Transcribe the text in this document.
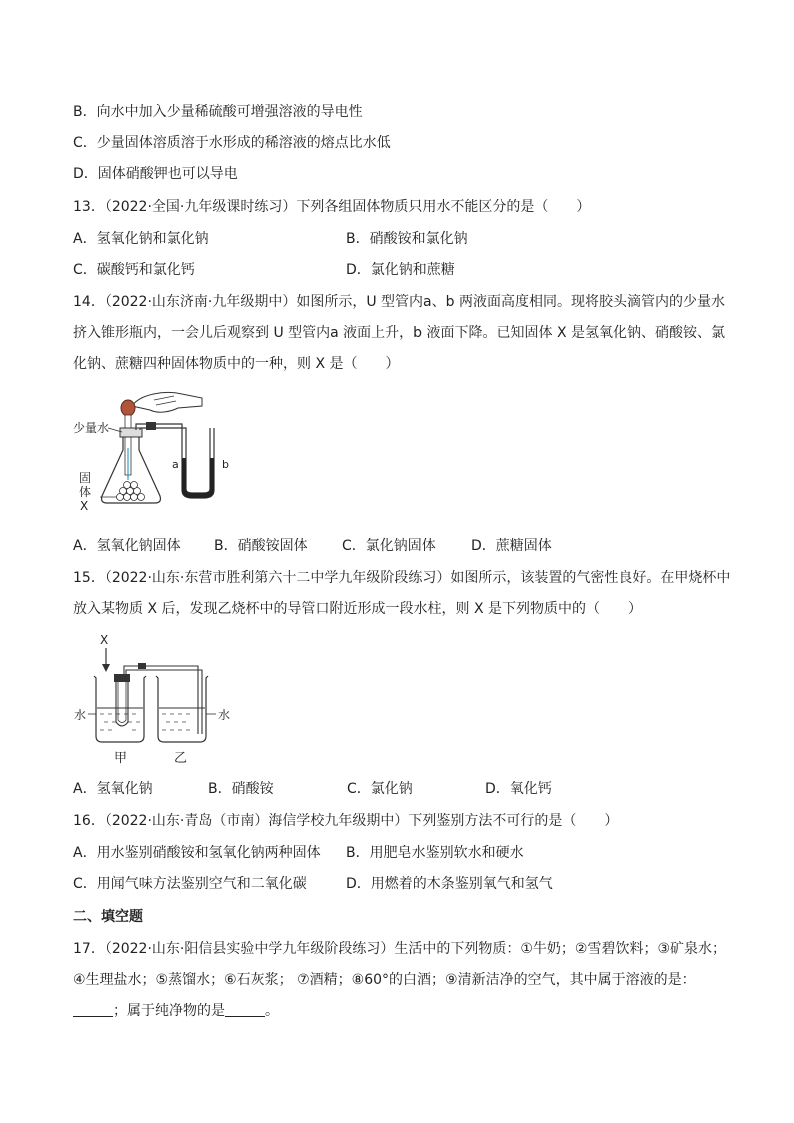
B．向水中加入少量稀硫酸可增强溶液的导电性
C．少量固体溶质溶于水形成的稀溶液的熔点比水低
D．固体硝酸钾也可以导电
13．（2022·全国·九年级课时练习）下列各组固体物质只用水不能区分的是（　　）
A．氢氧化钠和氯化钠	B．硝酸铵和氯化钠
C．碳酸钙和氯化钙	D．氯化钠和蔗糖
14．（2022·山东济南·九年级期中）如图所示，U 型管内a、b 两液面高度相同。现将胶头滴管内的少量水
挤入锥形瓶内，一会儿后观察到 U 型管内a 液面上升，b 液面下降。已知固体 X 是氢氧化钠、硝酸铵、氯
化钠、蔗糖四种固体物质中的一种，则 X 是（　　）
少量水
固
体
X
a	b
A．氢氧化钠固体 B．硝酸铵固体 C．氯化钠固体	D．蔗糖固体
15．（2022·山东·东营市胜利第六十二中学九年级阶段练习）如图所示，该装置的气密性良好。在甲烧杯中
放入某物质 X 后，发现乙烧杯中的导管口附近形成一段水柱，则 X 是下列物质中的（　　）
X
水	水
甲	乙
A．氢氧化钠	B．硝酸铵	C．氯化钠	D．氧化钙
16．（2022·山东·青岛（市南）海信学校九年级期中）下列鉴别方法不可行的是（　　）
A．用水鉴别硝酸铵和氢氧化钠两种固体 B．用肥皂水鉴别软水和硬水
C．用闻气味方法鉴别空气和二氧化碳	D．用燃着的木条鉴别氧气和氢气
二、填空题
17．（2022·山东·阳信县实验中学九年级阶段练习）生活中的下列物质：①牛奶；②雪碧饮料；③矿泉水；
④生理盐水；⑤蒸馏水；⑥石灰浆； ⑦酒精；⑧60°的白酒；⑨清新洁净的空气，其中属于溶液的是：
；属于纯净物的是	。
